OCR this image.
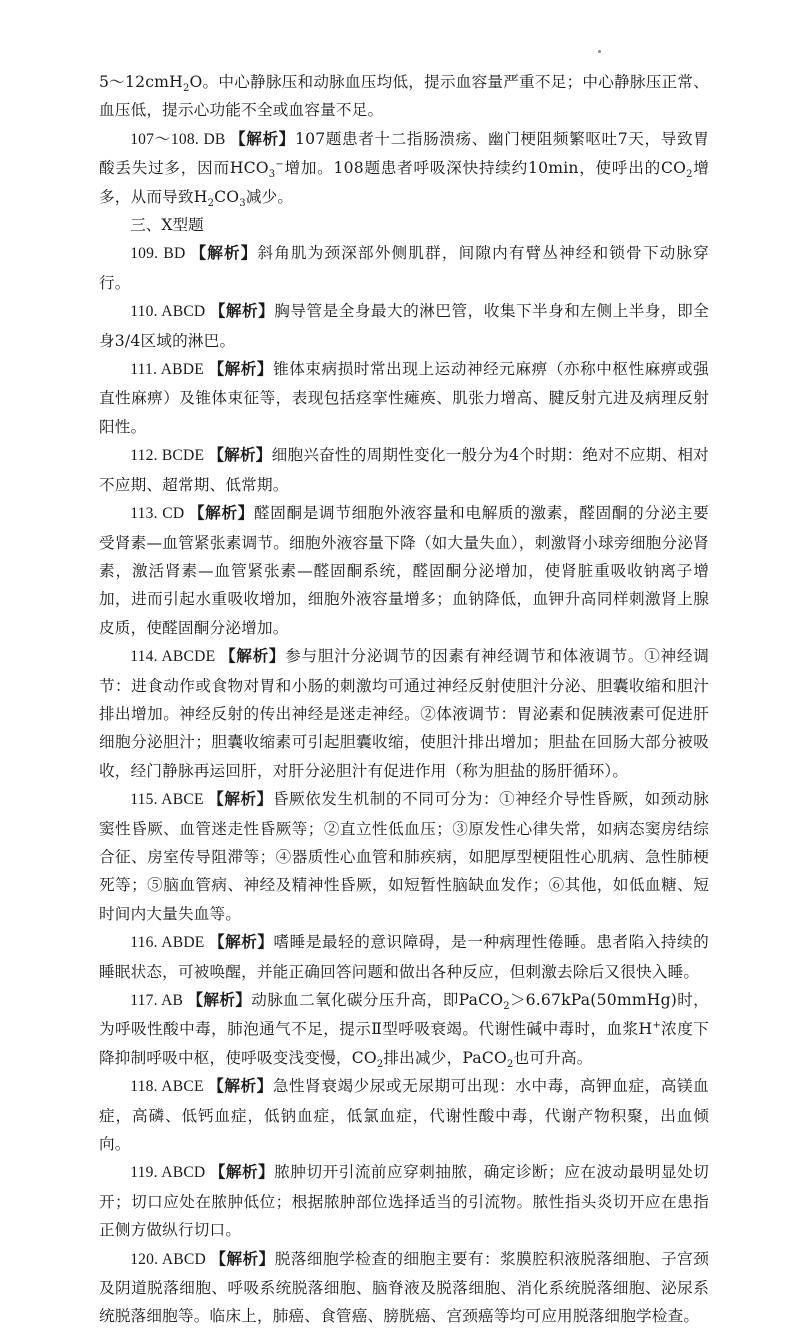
5～12cmH$_2$O。中心静脉压和动脉血压均低，提示血容量严重不足；中心静脉压正常、血压低，提示心功能不全或血容量不足。

107～108. DB 【解析】107题患者十二指肠溃疡、幽门梗阻频繁呕吐7天，导致胃酸丢失过多，因而$HCO_3^-$增加。108题患者呼吸深快持续约10min，使呼出的$CO_2$增多，从而导致$H_2CO_3$减少。

三、X型题

109. BD 【解析】斜角肌为颈深部外侧肌群，间隙内有臂丛神经和锁骨下动脉穿行。

110. ABCD 【解析】胸导管是全身最大的淋巴管，收集下半身和左侧上半身，即全身3/4区域的淋巴。

111. ABDE 【解析】锥体束病损时常出现上运动神经元麻痹（亦称中枢性麻痹或强直性麻痹）及锥体束征等，表现包括痉挛性瘫痪、肌张力增高、腱反射亢进及病理反射阳性。

112. BCDE 【解析】细胞兴奋性的周期性变化一般分为4个时期：绝对不应期、相对不应期、超常期、低常期。

113. CD 【解析】醛固酮是调节细胞外液容量和电解质的激素，醛固酮的分泌主要受肾素—血管紧张素调节。细胞外液容量下降（如大量失血），刺激肾小球旁细胞分泌肾素，激活肾素—血管紧张素—醛固酮系统，醛固酮分泌增加，使肾脏重吸收钠离子增加，进而引起水重吸收增加，细胞外液容量增多；血钠降低，血钾升高同样刺激肾上腺皮质，使醛固酮分泌增加。

114. ABCDE 【解析】参与胆汁分泌调节的因素有神经调节和体液调节。①神经调节：进食动作或食物对胃和小肠的刺激均可通过神经反射使胆汁分泌、胆囊收缩和胆汁排出增加。神经反射的传出神经是迷走神经。②体液调节：胃泌素和促胰液素可促进肝细胞分泌胆汁；胆囊收缩素可引起胆囊收缩，使胆汁排出增加；胆盐在回肠大部分被吸收，经门静脉再运回肝，对肝分泌胆汁有促进作用（称为胆盐的肠肝循环）。

115. ABCE 【解析】昏厥依发生机制的不同可分为：①神经介导性昏厥，如颈动脉窦性昏厥、血管迷走性昏厥等；②直立性低血压；③原发性心律失常，如病态窦房结综合征、房室传导阻滞等；④器质性心血管和肺疾病，如肥厚型梗阻性心肌病、急性肺梗死等；⑤脑血管病、神经及精神性昏厥，如短暂性脑缺血发作；⑥其他，如低血糖、短时间内大量失血等。

116. ABDE 【解析】嗜睡是最轻的意识障碍，是一种病理性倦睡。患者陷入持续的睡眠状态，可被唤醒，并能正确回答问题和做出各种反应，但刺激去除后又很快入睡。

117. AB 【解析】动脉血二氧化碳分压升高，即PaCO$_2$＞6.67kPa(50mmHg)时，为呼吸性酸中毒，肺泡通气不足，提示Ⅱ型呼吸衰竭。代谢性碱中毒时，血浆H+浓度下降抑制呼吸中枢，使呼吸变浅变慢，$CO_2$排出减少，PaCO$_2$也可升高。

118. ABCE 【解析】急性肾衰竭少尿或无尿期可出现：水中毒，高钾血症，高镁血症，高磷、低钙血症，低钠血症，低氯血症，代谢性酸中毒，代谢产物积聚，出血倾向。

119. ABCD 【解析】脓肿切开引流前应穿刺抽脓，确定诊断；应在波动最明显处切开；切口应处在脓肿低位；根据脓肿部位选择适当的引流物。脓性指头炎切开应在患指正侧方做纵行切口。

120. ABCD 【解析】脱落细胞学检查的细胞主要有：浆膜腔积液脱落细胞、子宫颈及阴道脱落细胞、呼吸系统脱落细胞、脑脊液及脱落细胞、消化系统脱落细胞、泌尿系统脱落细胞等。临床上，肺癌、食管癌、膀胱癌、宫颈癌等均可应用脱落细胞学检查。
